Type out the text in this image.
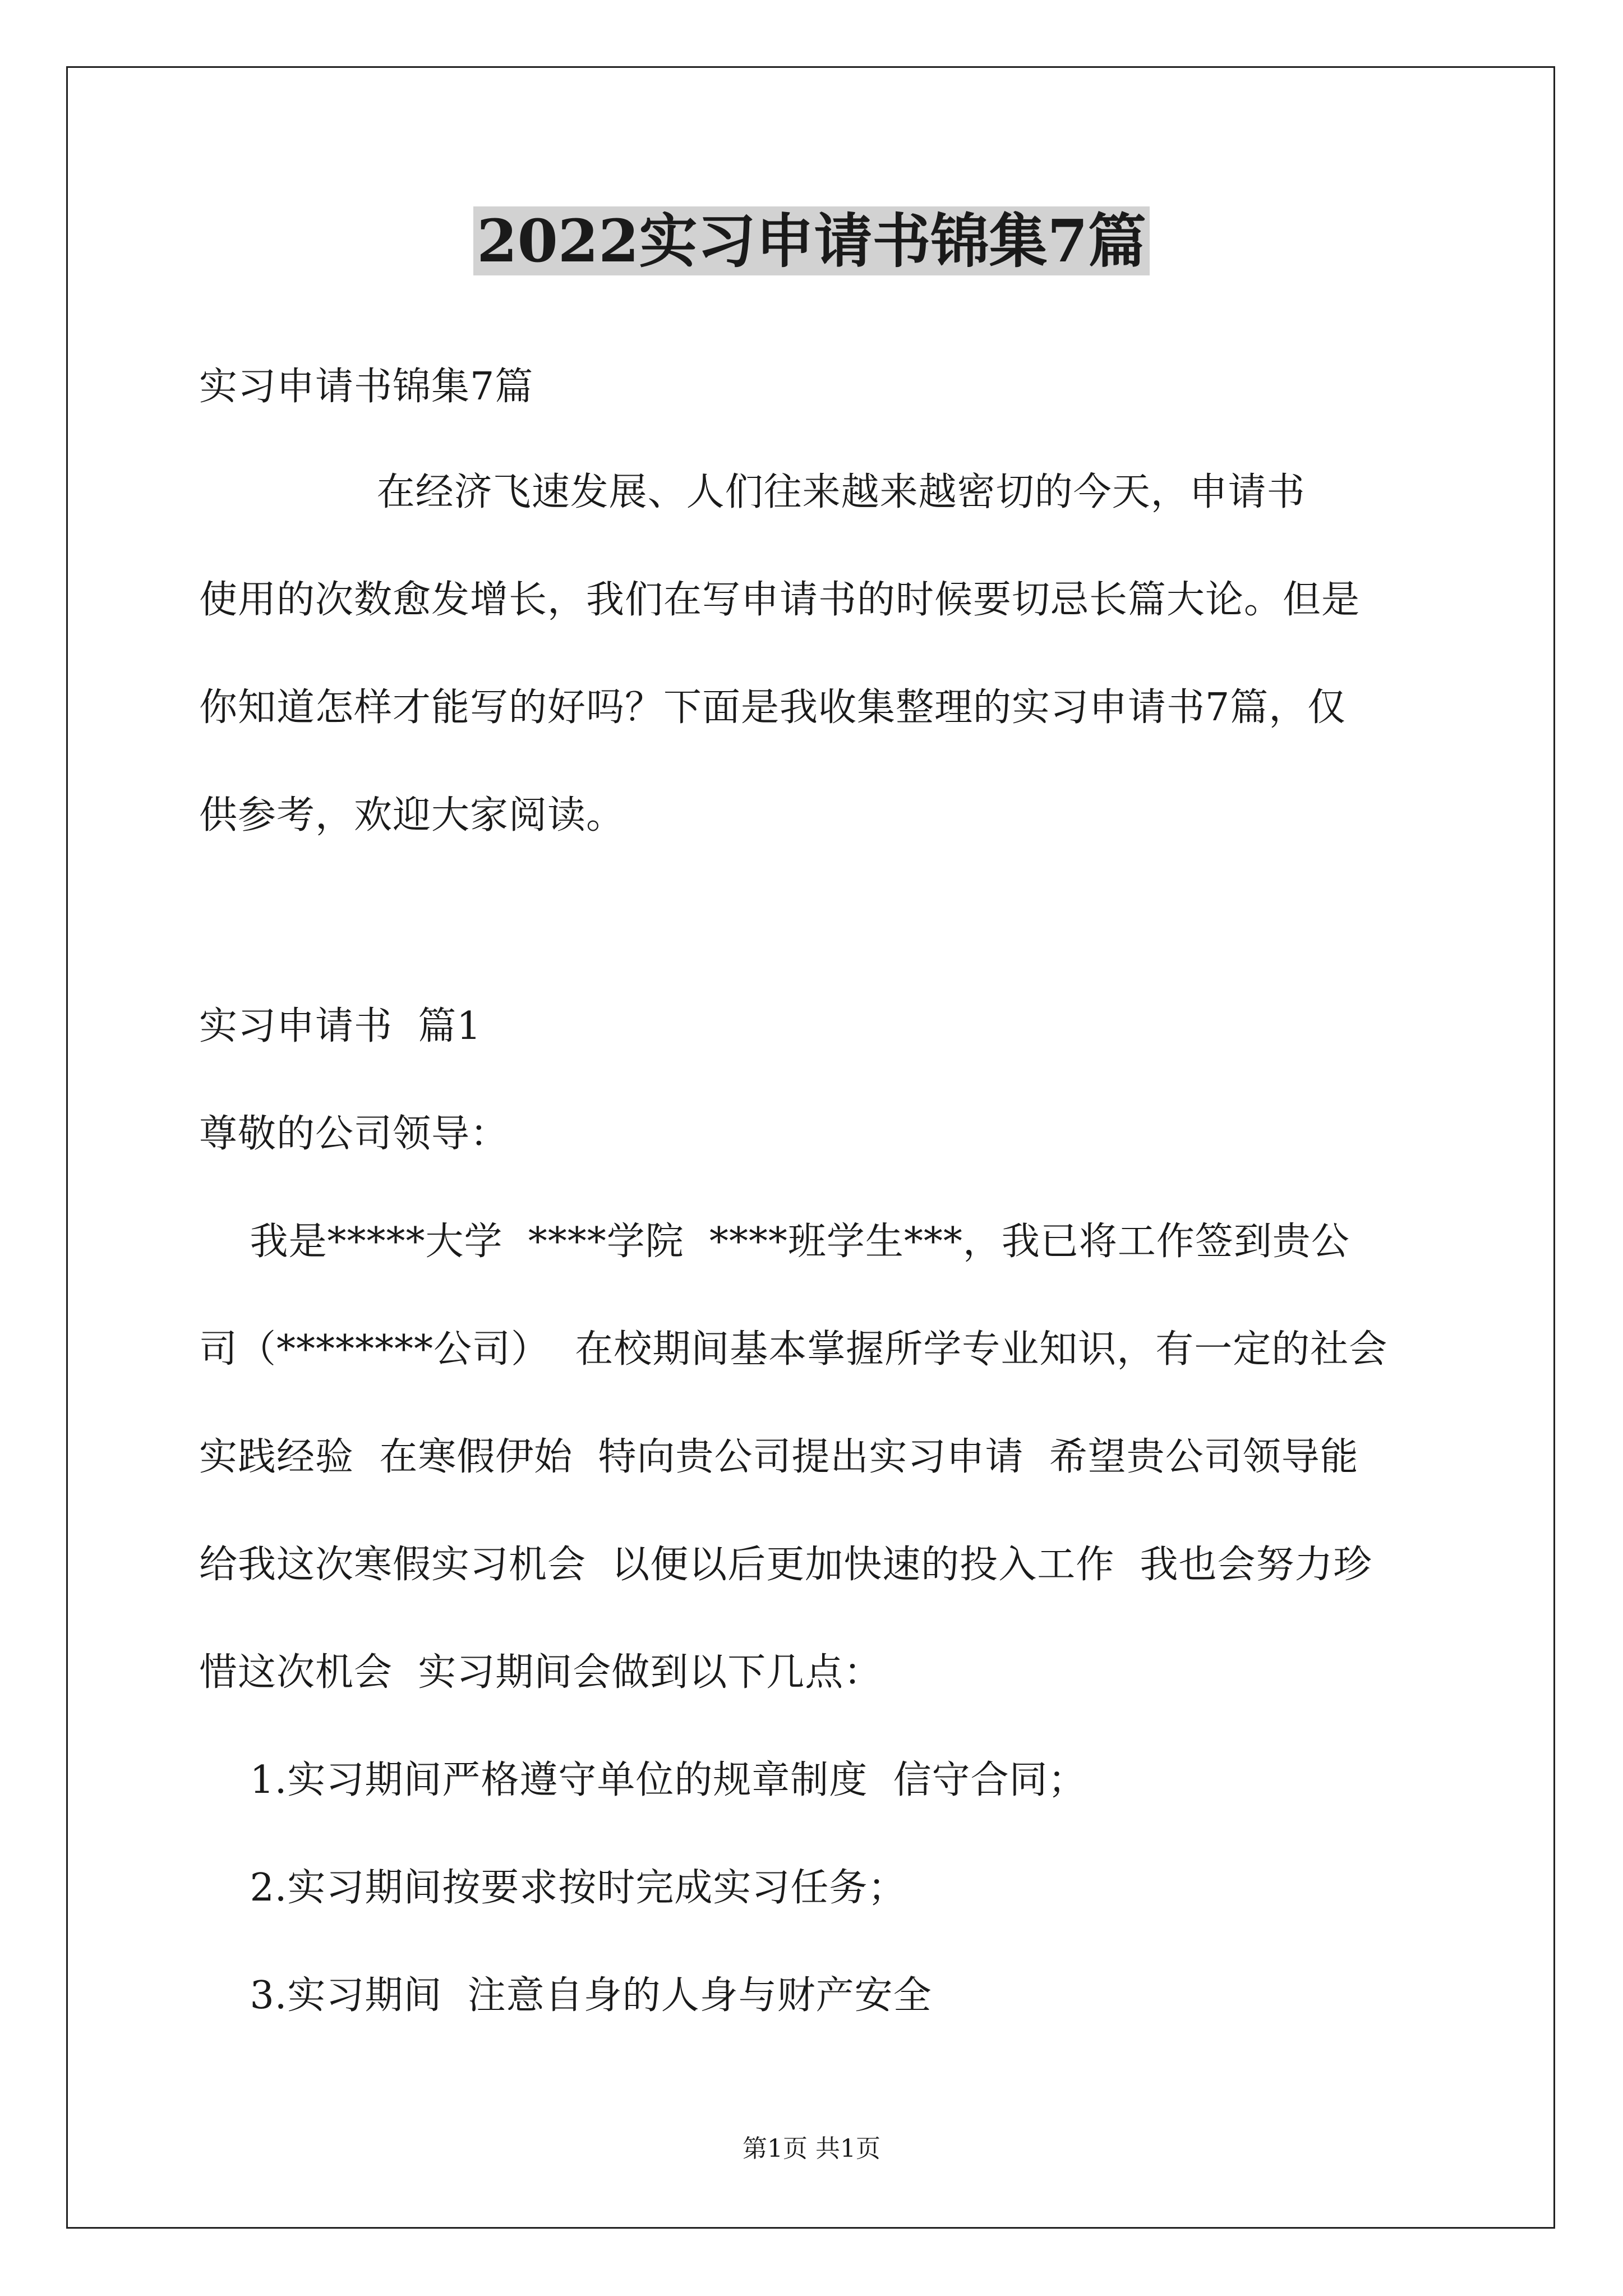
2022实习申请书锦集7篇
实习申请书锦集7篇
在经济飞速发展、人们往来越来越密切的今天，申请书
使用的次数愈发增长，我们在写申请书的时候要切忌长篇大论。但是
你知道怎样才能写的好吗？下面是我收集整理的实习申请书7篇，仅
供参考，欢迎大家阅读。
实习申请书  篇1
尊敬的公司领导：
我是*****大学  ****学院  ****班学生***，我已将工作签到贵公
司（********公司）  在校期间基本掌握所学专业知识，有一定的社会
实践经验  在寒假伊始  特向贵公司提出实习申请  希望贵公司领导能
给我这次寒假实习机会  以便以后更加快速的投入工作  我也会努力珍
惜这次机会  实习期间会做到以下几点：
1.实习期间严格遵守单位的规章制度  信守合同；
2.实习期间按要求按时完成实习任务；
3.实习期间  注意自身的人身与财产安全
第1页 共1页
